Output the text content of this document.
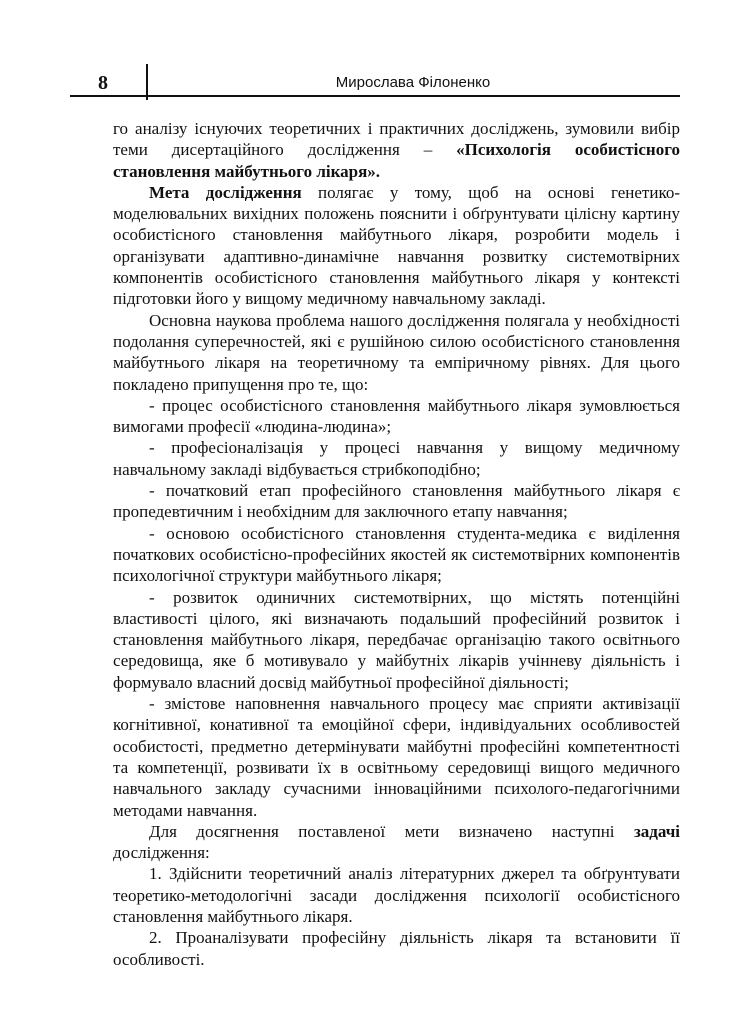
8	Мирослава Філоненко

го аналізу існуючих теоретичних і практичних досліджень, зумовили вибір теми дисертаційного дослідження – «Психологія особистісного становлення майбутнього лікаря».

Мета дослідження полягає у тому, щоб на основі генетико-моделювальних вихідних положень пояснити і обґрунтувати цілісну картину особистісного становлення майбутнього лікаря, розробити модель і організувати адаптивно-динамічне навчання розвитку системотвірних компонентів особистісного становлення майбутнього лікаря у контексті підготовки його у вищому медичному навчальному закладі.

Основна наукова проблема нашого дослідження полягала у необхідності подолання суперечностей, які є рушійною силою особистісного становлення майбутнього лікаря на теоретичному та емпіричному рівнях. Для цього покладено припущення про те, що:

- процес особистісного становлення майбутнього лікаря зумовлюється вимогами професії «людина-людина»;

- професіоналізація у процесі навчання у вищому медичному навчальному закладі відбувається стрибкоподібно;

- початковий етап професійного становлення майбутнього лікаря є пропедевтичним і необхідним для заключного етапу навчання;

- основою особистісного становлення студента-медика є виділення початкових особистісно-професійних якостей як системотвірних компонентів психологічної структури майбутнього лікаря;

- розвиток одиничних системотвірних, що містять потенційні властивості цілого, які визначають подальший професійний розвиток і становлення майбутнього лікаря, передбачає організацію такого освітнього середовища, яке б мотивувало у майбутніх лікарів учінневу діяльність і формувало власний досвід майбутньої професійної діяльності;

- змістове наповнення навчального процесу має сприяти активізації когнітивної, конативної та емоційної сфери, індивідуальних особливостей особистості, предметно детермінувати майбутні професійні компетентності та компетенції, розвивати їх в освітньому середовищі вищого медичного навчального закладу сучасними інноваційними психолого-педагогічними методами навчання.

Для досягнення поставленої мети визначено наступні задачі дослідження:

1. Здійснити теоретичний аналіз літературних джерел та обґрунтувати теоретико-методологічні засади дослідження психології особистісного становлення майбутнього лікаря.

2. Проаналізувати професійну діяльність лікаря та встановити її особливості.
